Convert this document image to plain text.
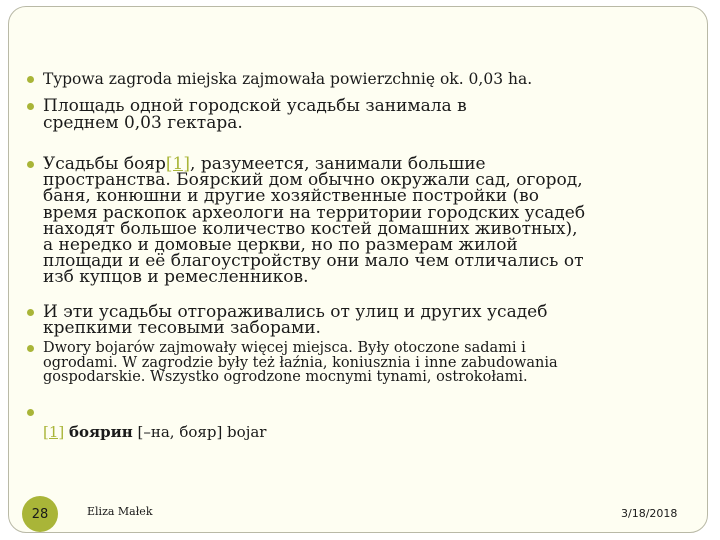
Typowa zagroda miejska zajmowała powierzchnię ok. 0,03 ha.
Площадь одной городской усадьбы занимала в среднем 0,03 гектара.
Усадьбы бояр[1], разумеется, занимали большие пространства. Боярский дом обычно окружали сад, огород, баня, конюшни и другие хозяйственные постройки (во время раскопок археологи на территории городских усадеб находят большое количество костей домашних животных), а нередко и домовые церкви, но по размерам жилой площади и её благоустройству они мало чем отличались от изб купцов и ремесленников.
И эти усадьбы отгораживались от улиц и других усадеб крепкими тесовыми заборами.
Dwory bojarów zajmowały więcej miejsca. Były otoczone sadami i ogrodami. W zagrodzie były też łaźnia, koniusznia i inne zabudowania gospodarskie. Wszystko ogrodzone mocnymi tynami, ostrokołami.
[1] боярин [–на, бояр] bojar
28	Eliza Małek	3/18/2018
